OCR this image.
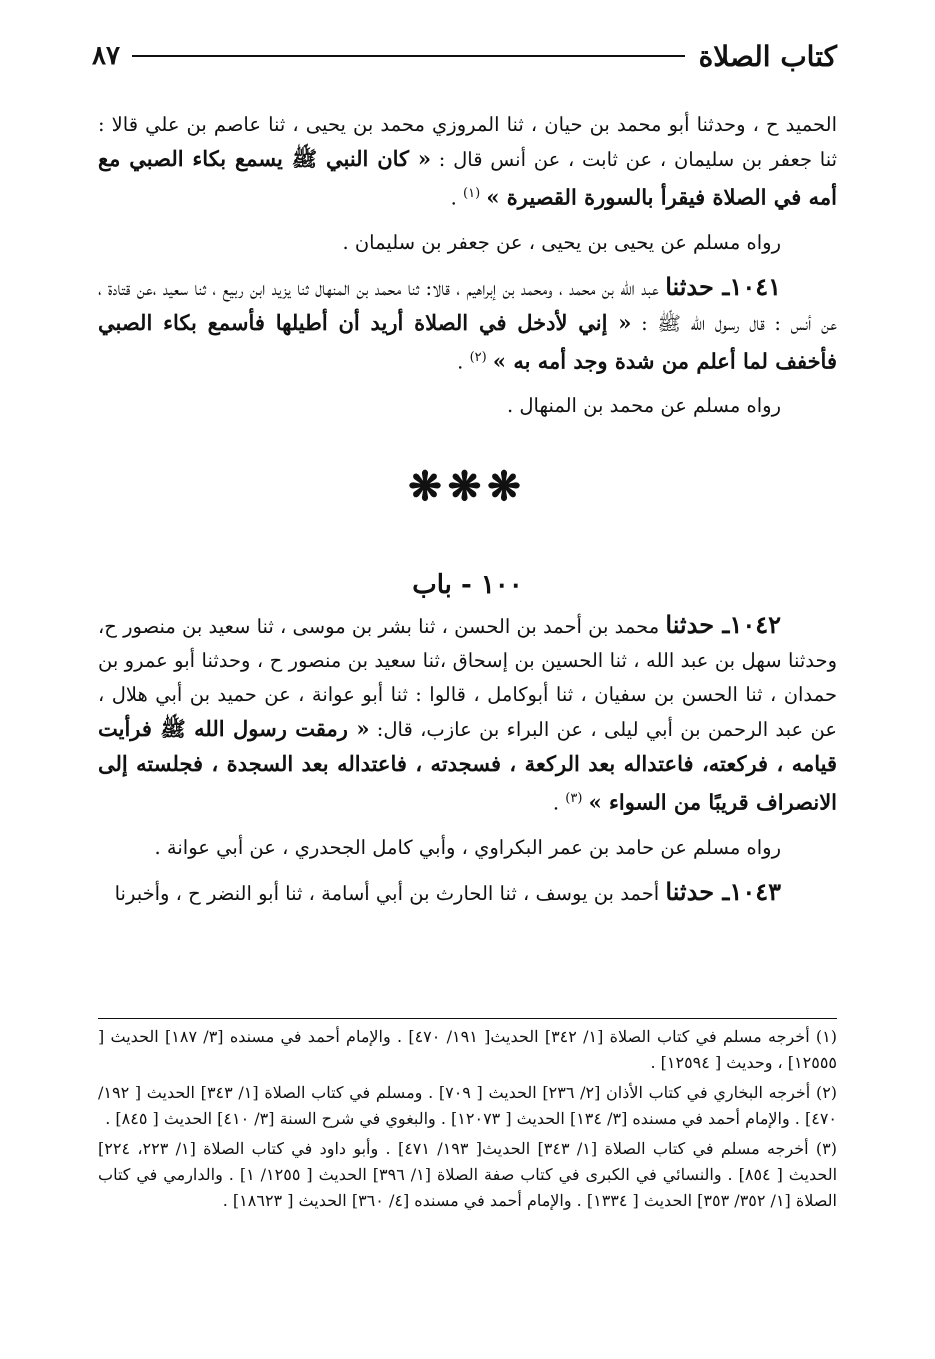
كتاب الصلاة
٨٧

الحميد ح ، وحدثنا أبو محمد بن حيان ، ثنا المروزي محمد بن يحيى ، ثنا عاصم بن علي قالا : ثنا جعفر بن سليمان ، عن ثابت ، عن أنس قال : « كان النبي ﷺ يسمع بكاء الصبي مع أمه في الصلاة فيقرأ بالسورة القصيرة » $^{(١)}$ .

رواه مسلم عن يحيى بن يحيى ، عن جعفر بن سليمان .

١٠٤١ـ حدثنا عبد الله بن محمد ، ومحمد بن إبراهيم ، قالا: ثنا محمد بن المنهال ثنا يزيد ابن ربيع ، ثنا سعيد ،عن قتادة ، عن أنس : قال رسول الله ﷺ : « إني لأدخل في الصلاة أريد أن أطيلها فأسمع بكاء الصبي فأخفف لما أعلم من شدة وجد أمه به » $^{(٢)}$ .

رواه مسلم عن محمد بن المنهال .

❋❋❋
١٠٠ - باب

١٠٤٢ـ حدثنا محمد بن أحمد بن الحسن ، ثنا بشر بن موسى ، ثنا سعيد بن منصور ح، وحدثنا سهل بن عبد الله ، ثنا الحسين بن إسحاق ،ثنا سعيد بن منصور ح ، وحدثنا أبو عمرو بن حمدان ، ثنا الحسن بن سفيان ، ثنا أبوكامل ، قالوا : ثنا أبو عوانة ، عن حميد بن أبي هلال ، عن عبد الرحمن بن أبي ليلى ، عن البراء بن عازب، قال: « رمقت رسول الله ﷺ فرأيت قيامه ، فركعته، فاعتداله بعد الركعة ، فسجدته ، فاعتداله بعد السجدة ، فجلسته إلى الانصراف قريبًا من السواء » $^{(٣)}$ .

رواه مسلم عن حامد بن عمر البكراوي ، وأبي كامل الجحدري ، عن أبي عوانة .

١٠٤٣ـ حدثنا أحمد بن يوسف ، ثنا الحارث بن أبي أسامة ، ثنا أبو النضر ح ، وأخبرنا

(١) أخرجه مسلم في كتاب الصلاة [١/ ٣٤٢] الحديث[ ١٩١/ ٤٧٠] . والإمام أحمد في مسنده [٣/ ١٨٧] الحديث [ ١٢٥٥٥] ، وحديث [ ١٢٥٩٤] .

(٢) أخرجه البخاري في كتاب الأذان [٢/ ٢٣٦] الحديث [ ٧٠٩] . ومسلم في كتاب الصلاة [١/ ٣٤٣] الحديث [ ١٩٢/ ٤٧٠] . والإمام أحمد في مسنده [٣/ ١٣٤] الحديث [ ١٢٠٧٣] . والبغوي في شرح السنة [٣/ ٤١٠] الحديث [ ٨٤٥] .

(٣) أخرجه مسلم في كتاب الصلاة [١/ ٣٤٣] الحديث[ ١٩٣/ ٤٧١] . وأبو داود في كتاب الصلاة [١/ ٢٢٣، ٢٢٤] الحديث [ ٨٥٤] . والنسائي في الكبرى في كتاب صفة الصلاة [١/ ٣٩٦] الحديث [ ١٢٥٥/ ١] . والدارمي في كتاب الصلاة [١/ ٣٥٢/ ٣٥٣] الحديث [ ١٣٣٤] . والإمام أحمد في مسنده [٤/ ٣٦٠] الحديث [ ١٨٦٢٣] .
